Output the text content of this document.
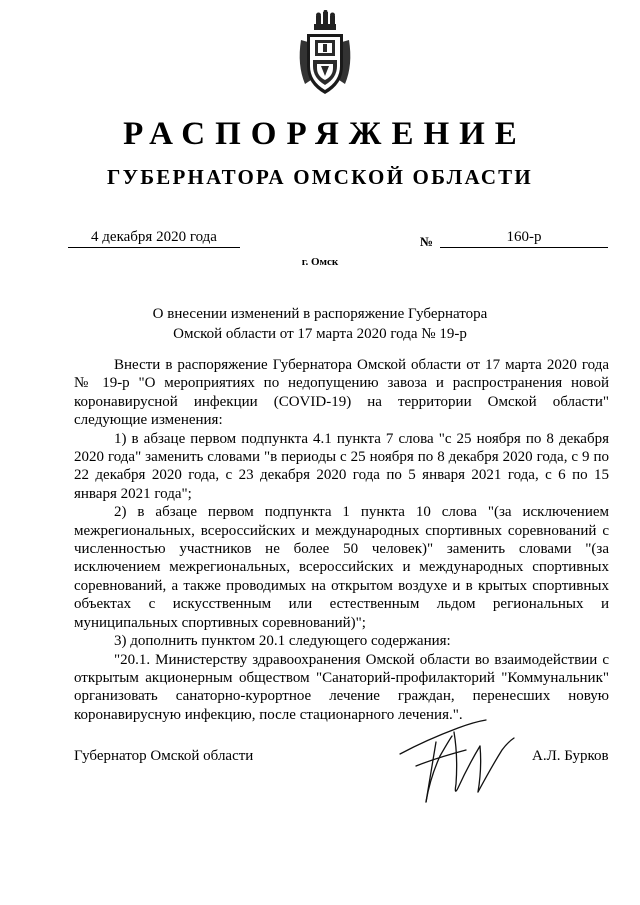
РАСПОРЯЖЕНИЕ
ГУБЕРНАТОРА ОМСКОЙ ОБЛАСТИ
4 декабря 2020 года	№	160-р
г. Омск
О внесении изменений в распоряжение Губернатора
Омской области от 17 марта 2020 года № 19-р

Внести в распоряжение Губернатора Омской области от 17 марта 2020 года № 19-р "О мероприятиях по недопущению завоза и распространения новой коронавирусной инфекции (COVID-19) на территории Омской области" следующие изменения:

1) в абзаце первом подпункта 4.1 пункта 7 слова "с 25 ноября по 8 декабря 2020 года" заменить словами "в периоды с 25 ноября по 8 декабря 2020 года, с 9 по 22 декабря 2020 года, с 23 декабря 2020 года по 5 января 2021 года, с 6 по 15 января 2021 года";

2) в абзаце первом подпункта 1 пункта 10 слова "(за исключением межрегиональных, всероссийских и международных спортивных соревнований с численностью участников не более 50 человек)" заменить словами "(за исключением межрегиональных, всероссийских и международных спортивных соревнований, а также проводимых на открытом воздухе и в крытых спортивных объектах с искусственным или естественным льдом региональных и муниципальных спортивных соревнований)";

3) дополнить пунктом 20.1 следующего содержания:

"20.1. Министерству здравоохранения Омской области во взаимодействии с открытым акционерным обществом "Санаторий-профилакторий "Коммунальник" организовать санаторно-курортное лечение граждан, перенесших новую коронавирусную инфекцию, после стационарного лечения.".

Губернатор Омской области	А.Л. Бурков
